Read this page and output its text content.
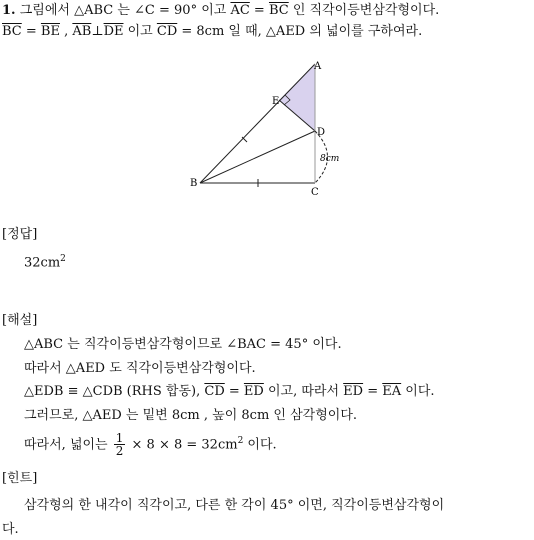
1. 그림에서 △ABC 는 ∠C = 90° 이고 $\overline{AC} = \overline{BC}$ 인 직각이등변삼각형이다.
$\overline{BC} = \overline{BE}$ , $\overline{AB}\perp\overline{DE}$ 이고 $\overline{CD} = 8cm$ 일 때, △AED 의 넓이를 구하여라.
A
B
C
D
E
8cm
[정답]
$32cm^2$
[해설]
△ABC 는 직각이등변삼각형이므로 ∠BAC = 45° 이다.
따라서 △AED 도 직각이등변삼각형이다.
△EDB ≡ △CDB (RHS 합동), $\overline{CD} = \overline{ED}$ 이고, 따라서 $\overline{ED} = \overline{EA}$ 이다.
그러므로, △AED 는 밑변 8cm , 높이 8cm 인 삼각형이다.
따라서, 넓이는 $\frac{1}{2} \times 8 \times 8 = 32cm^2$ 이다.
[힌트]
삼각형의 한 내각이 직각이고, 다른 한 각이 45° 이면, 직각이등변삼각형이
다.
